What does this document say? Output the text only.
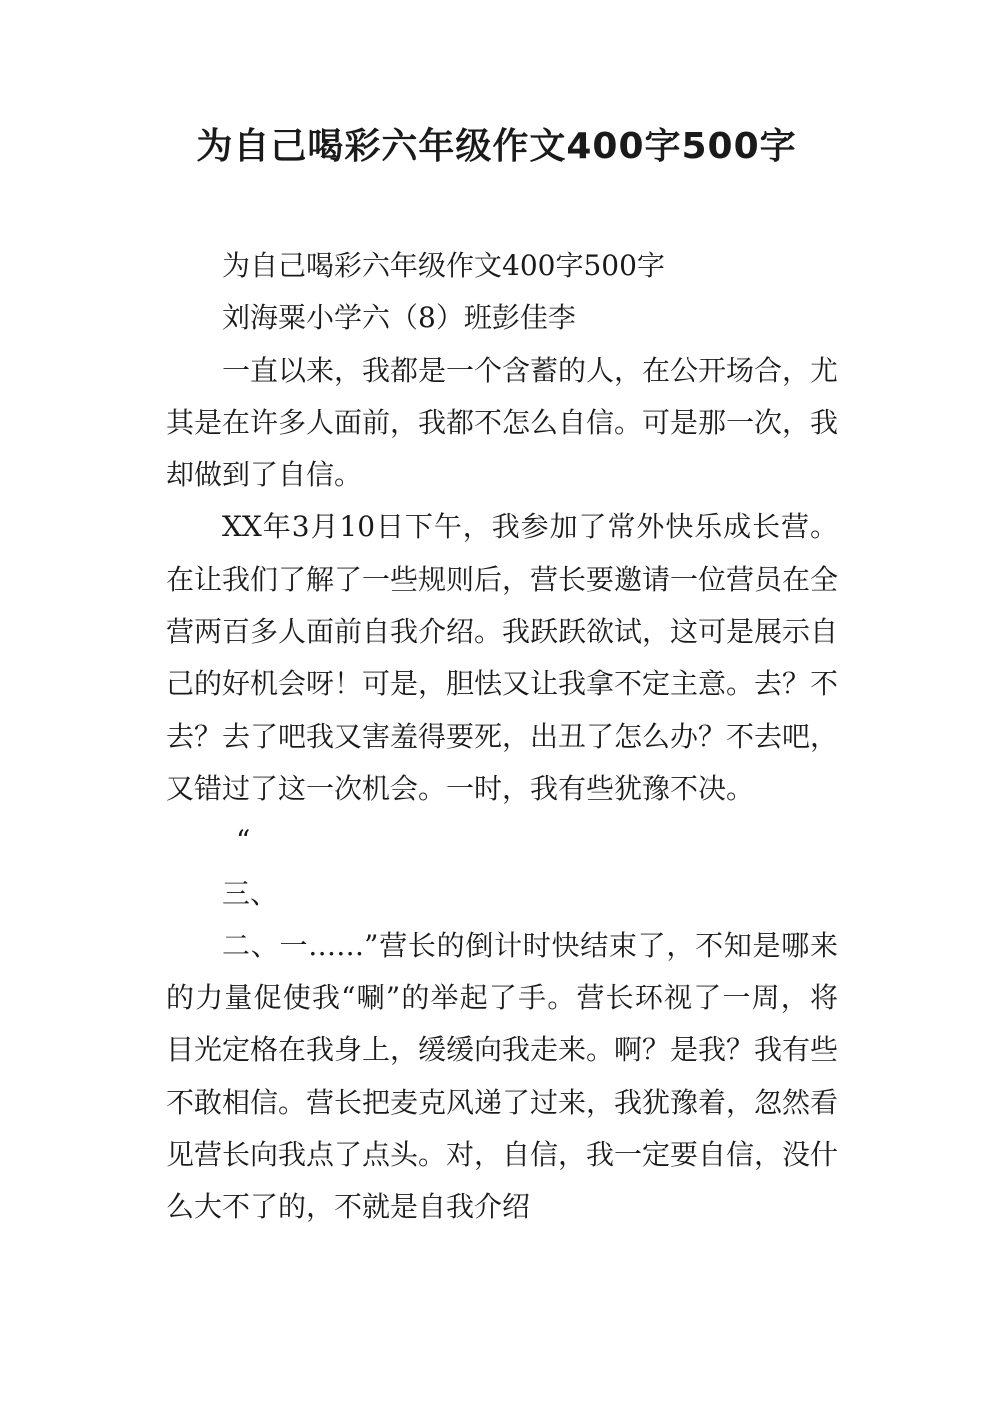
为自己喝彩六年级作文400字500字

为自己喝彩六年级作文400字500字

刘海粟小学六（8）班彭佳李

一直以来，我都是一个含蓄的人，在公开场合，尤其是在许多人面前，我都不怎么自信。可是那一次，我却做到了自信。

XX年3月10日下午，我参加了常外快乐成长营。在让我们了解了一些规则后，营长要邀请一位营员在全营两百多人面前自我介绍。我跃跃欲试，这可是展示自己的好机会呀！可是，胆怯又让我拿不定主意。去？不去？去了吧我又害羞得要死，出丑了怎么办？不去吧，又错过了这一次机会。一时，我有些犹豫不决。

“

三、

二、一……”营长的倒计时快结束了，不知是哪来的力量促使我“唰”的举起了手。营长环视了一周，将目光定格在我身上，缓缓向我走来。啊？是我？我有些不敢相信。营长把麦克风递了过来，我犹豫着，忽然看见营长向我点了点头。对，自信，我一定要自信，没什么大不了的，不就是自我介绍
